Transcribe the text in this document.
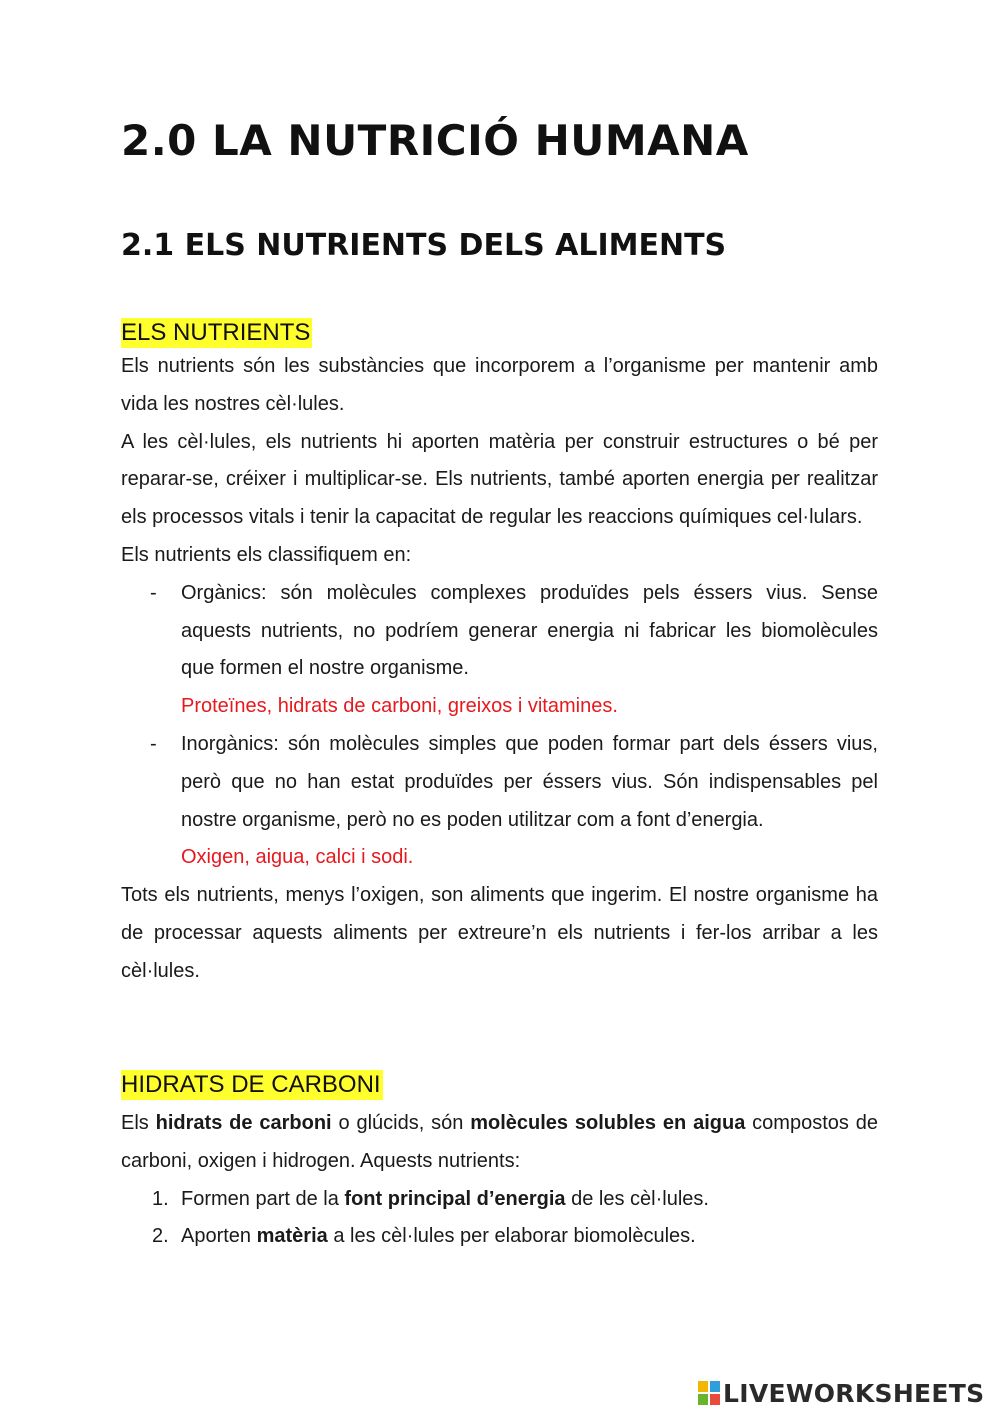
2.0 LA NUTRICIÓ HUMANA
2.1 ELS NUTRIENTS DELS ALIMENTS
ELS NUTRIENTS

Els nutrients són les substàncies que incorporem a l’organisme per mantenir amb vida les nostres cèl·lules.

A les cèl·lules, els nutrients hi aporten matèria per construir estructures o bé per reparar-se, créixer i multiplicar-se. Els nutrients, també aporten energia per realitzar els processos vitals i tenir la capacitat de regular les reaccions químiques cel·lulars.

Els nutrients els classifiquem en:

- Orgànics: són molècules complexes produïdes pels éssers vius. Sense aquests nutrients, no podríem generar energia ni fabricar les biomolècules que formen el nostre organisme.
Proteïnes, hidrats de carboni, greixos i vitamines.
- Inorgànics: són molècules simples que poden formar part dels éssers vius, però que no han estat produïdes per éssers vius. Són indispensables pel nostre organisme, però no es poden utilitzar com a font d’energia.
Oxigen, aigua, calci i sodi.

Tots els nutrients, menys l’oxigen, son aliments que ingerim. El nostre organisme ha de processar aquests aliments per extreure’n els nutrients i fer-los arribar a les cèl·lules.

HIDRATS DE CARBONI

Els hidrats de carboni o glúcids, són molècules solubles en aigua compostos de carboni, oxigen i hidrogen. Aquests nutrients:

1. Formen part de la font principal d’energia de les cèl·lules.
2. Aporten matèria a les cèl·lules per elaborar biomolècules.
LIVEWORKSHEETS
